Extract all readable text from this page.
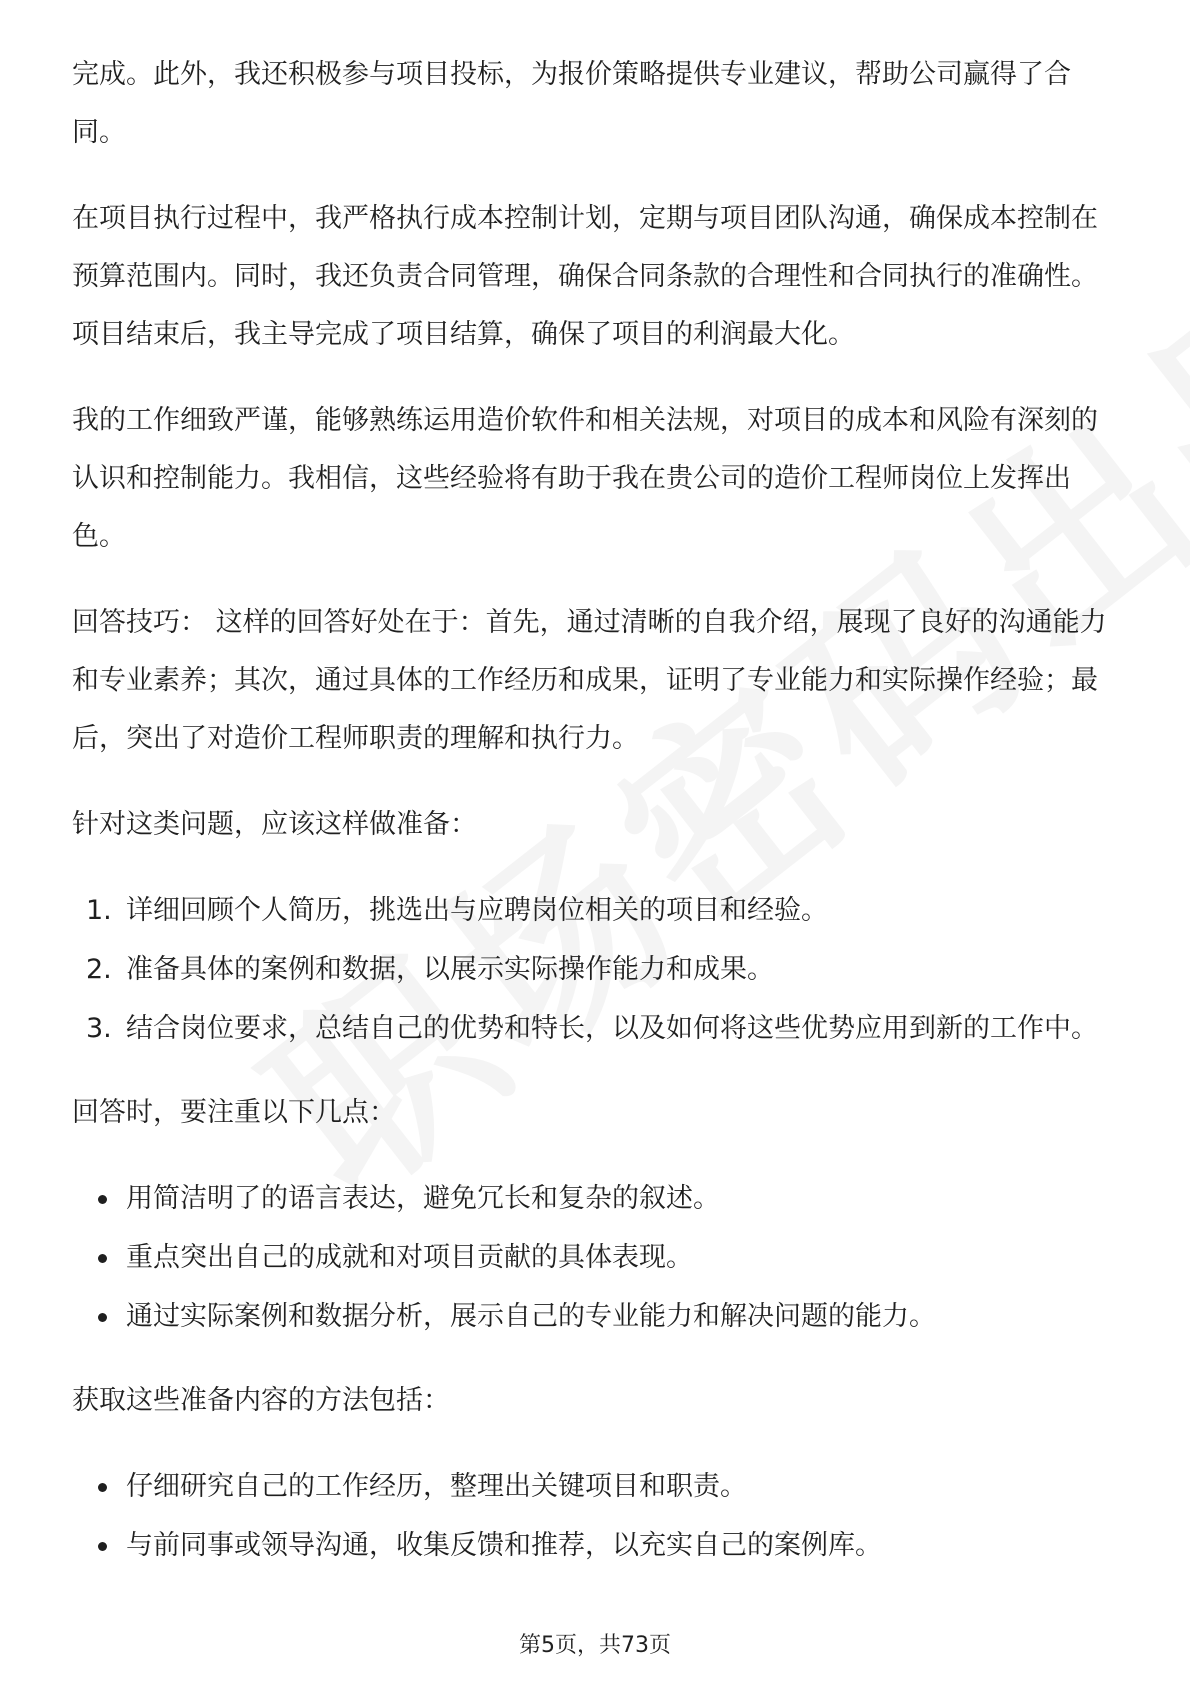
完成。此外，我还积极参与项目投标，为报价策略提供专业建议，帮助公司赢得了合同。

在项目执行过程中，我严格执行成本控制计划，定期与项目团队沟通，确保成本控制在预算范围内。同时，我还负责合同管理，确保合同条款的合理性和合同执行的准确性。项目结束后，我主导完成了项目结算，确保了项目的利润最大化。

我的工作细致严谨，能够熟练运用造价软件和相关法规，对项目的成本和风险有深刻的认识和控制能力。我相信，这些经验将有助于我在贵公司的造价工程师岗位上发挥出色。

回答技巧： 这样的回答好处在于：首先，通过清晰的自我介绍，展现了良好的沟通能力和专业素养；其次，通过具体的工作经历和成果，证明了专业能力和实际操作经验；最后，突出了对造价工程师职责的理解和执行力。

针对这类问题，应该这样做准备：

1. 详细回顾个人简历，挑选出与应聘岗位相关的项目和经验。
2. 准备具体的案例和数据，以展示实际操作能力和成果。
3. 结合岗位要求，总结自己的优势和特长，以及如何将这些优势应用到新的工作中。

回答时，要注重以下几点：

用简洁明了的语言表达，避免冗长和复杂的叙述。
重点突出自己的成就和对项目贡献的具体表现。
通过实际案例和数据分析，展示自己的专业能力和解决问题的能力。

获取这些准备内容的方法包括：

仔细研究自己的工作经历，整理出关键项目和职责。
与前同事或领导沟通，收集反馈和推荐，以充实自己的案例库。
第5页，共73页
